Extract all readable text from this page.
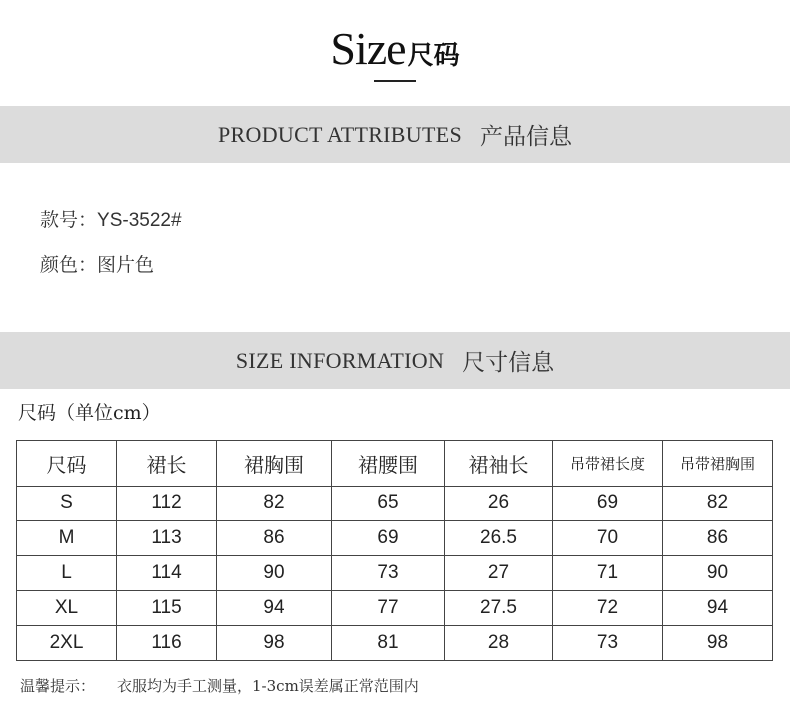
Size尺码
PRODUCT ATTRIBUTES 产品信息
款号：YS-3522#
颜色：图片色
SIZE INFORMATION 尺寸信息
尺码（单位cm）
尺码	裙长	裙胸围	裙腰围	裙袖长	吊带裙长度	吊带裙胸围
S	112	82	65	26	69	82
M	113	86	69	26.5	70	86
L	114	90	73	27	71	90
XL	115	94	77	27.5	72	94
2XL	116	98	81	28	73	98
温馨提示： 衣服均为手工测量，1-3cm误差属正常范围内
